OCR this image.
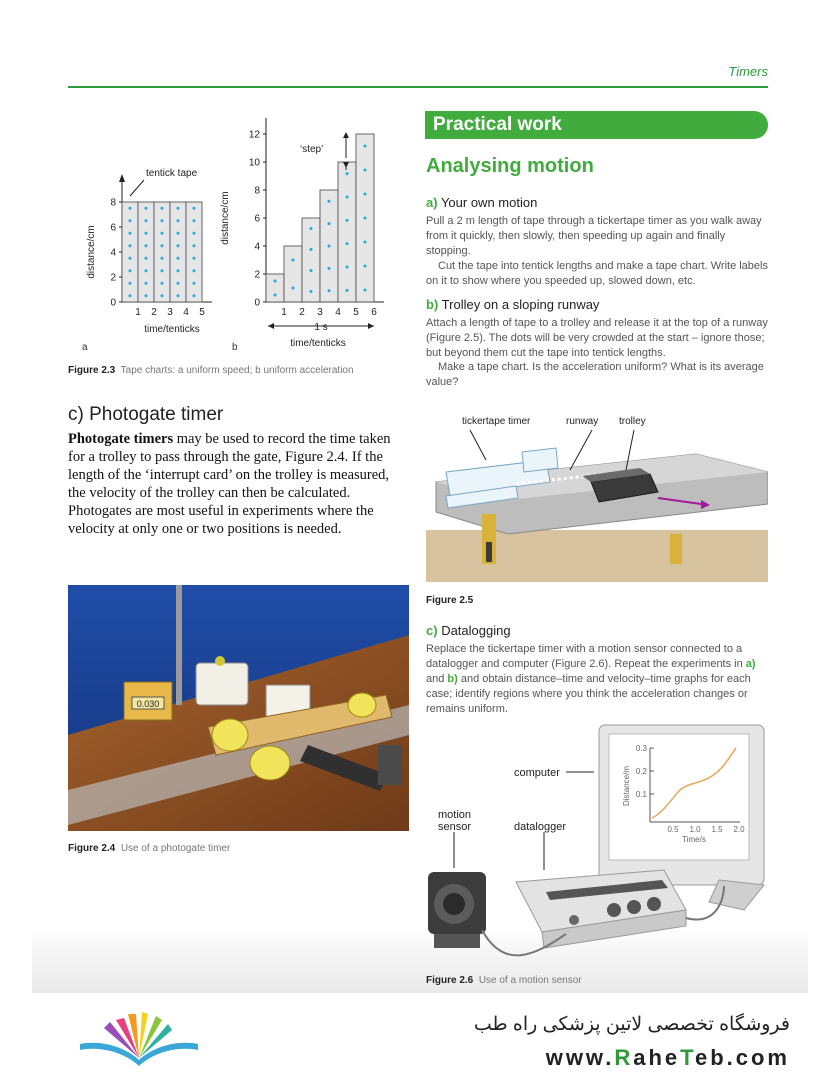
Timers
0
2
4
6
8
1 2 3 4 5
time/tenticks
distance/cm
tentick tape
0
2
4
6
8
10
12
1 2 3 4 5 6
time/tenticks
distance/cm
‘step’
1 s
a	b
Figure 2.3 Tape charts: a uniform speed; b uniform acceleration
c) Photogate timer
Photogate timers may be used to record the time taken for a trolley to pass through the gate, Figure 2.4. If the length of the ‘interrupt card’ on the trolley is measured, the velocity of the trolley can then be calculated. Photogates are most useful in experiments where the velocity at only one or two positions is needed.
0.030
Figure 2.4 Use of a photogate timer
Practical work
Analysing motion
a) Your own motion
Pull a 2 m length of tape through a tickertape timer as you walk away from it quickly, then slowly, then speeding up again and finally stopping.
Cut the tape into tentick lengths and make a tape chart. Write labels on it to show where you speeded up, slowed down, etc.
b) Trolley on a sloping runway
Attach a length of tape to a trolley and release it at the top of a runway (Figure 2.5). The dots will be very crowded at the start – ignore those; but beyond them cut the tape into tentick lengths.
Make a tape chart. Is the acceleration uniform? What is its average value?
tickertape timer	runway trolley
Figure 2.5
c) Datalogging
Replace the tickertape timer with a motion sensor connected to a datalogger and computer (Figure 2.6). Repeat the experiments in a) and b) and obtain distance–time and velocity–time graphs for each case; identify regions where you think the acceleration changes or remains uniform.
0.1
0.2
0.3
0.5 1.0 1.5 2.0
Time/s
Distance/m
computer
motion
sensor	datalogger
Figure 2.6 Use of a motion sensor
فروشگاه تخصصی لاتین پزشکی راه طب
www.RaheTeb.com
